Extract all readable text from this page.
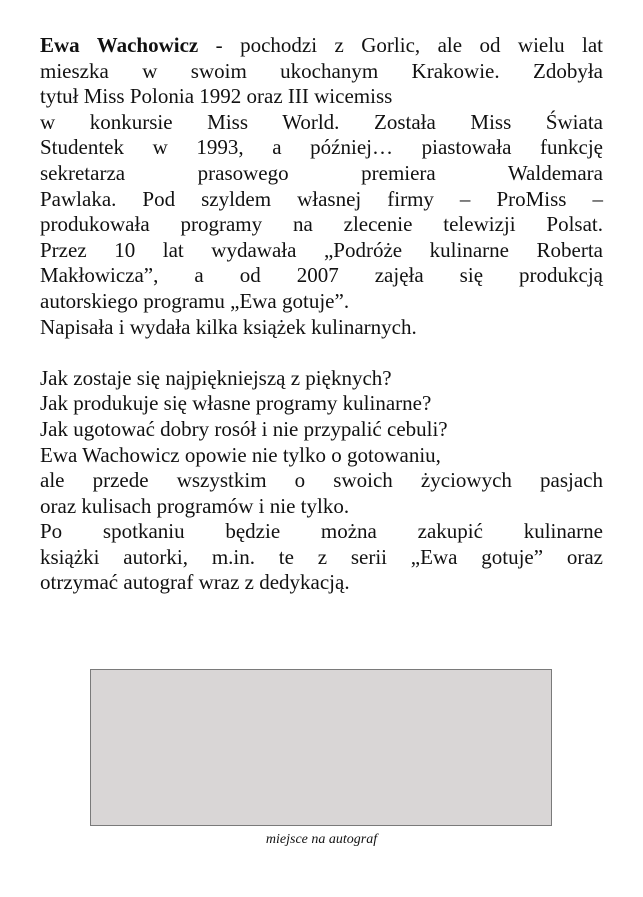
Ewa Wachowicz - pochodzi z Gorlic, ale od wielu lat
mieszka w swoim ukochanym Krakowie. Zdobyła
tytuł Miss Polonia 1992 oraz III wicemiss
w konkursie Miss World. Została Miss Świata
Studentek w 1993, a później… piastowała funkcję
sekretarza prasowego premiera Waldemara
Pawlaka. Pod szyldem własnej firmy – ProMiss –
produkowała programy na zlecenie telewizji Polsat.
Przez 10 lat wydawała „Podróże kulinarne Roberta
Makłowicza”, a od 2007 zajęła się produkcją
autorskiego programu „Ewa gotuje”.
Napisała i wydała kilka książek kulinarnych.
Jak zostaje się najpiękniejszą z pięknych?
Jak produkuje się własne programy kulinarne?
Jak ugotować dobry rosół i nie przypalić cebuli?
Ewa Wachowicz opowie nie tylko o gotowaniu,
ale przede wszystkim o swoich życiowych pasjach
oraz kulisach programów i nie tylko.
Po spotkaniu będzie można zakupić kulinarne
książki autorki, m.in. te z serii „Ewa gotuje” oraz
otrzymać autograf wraz z dedykacją.
miejsce na autograf
